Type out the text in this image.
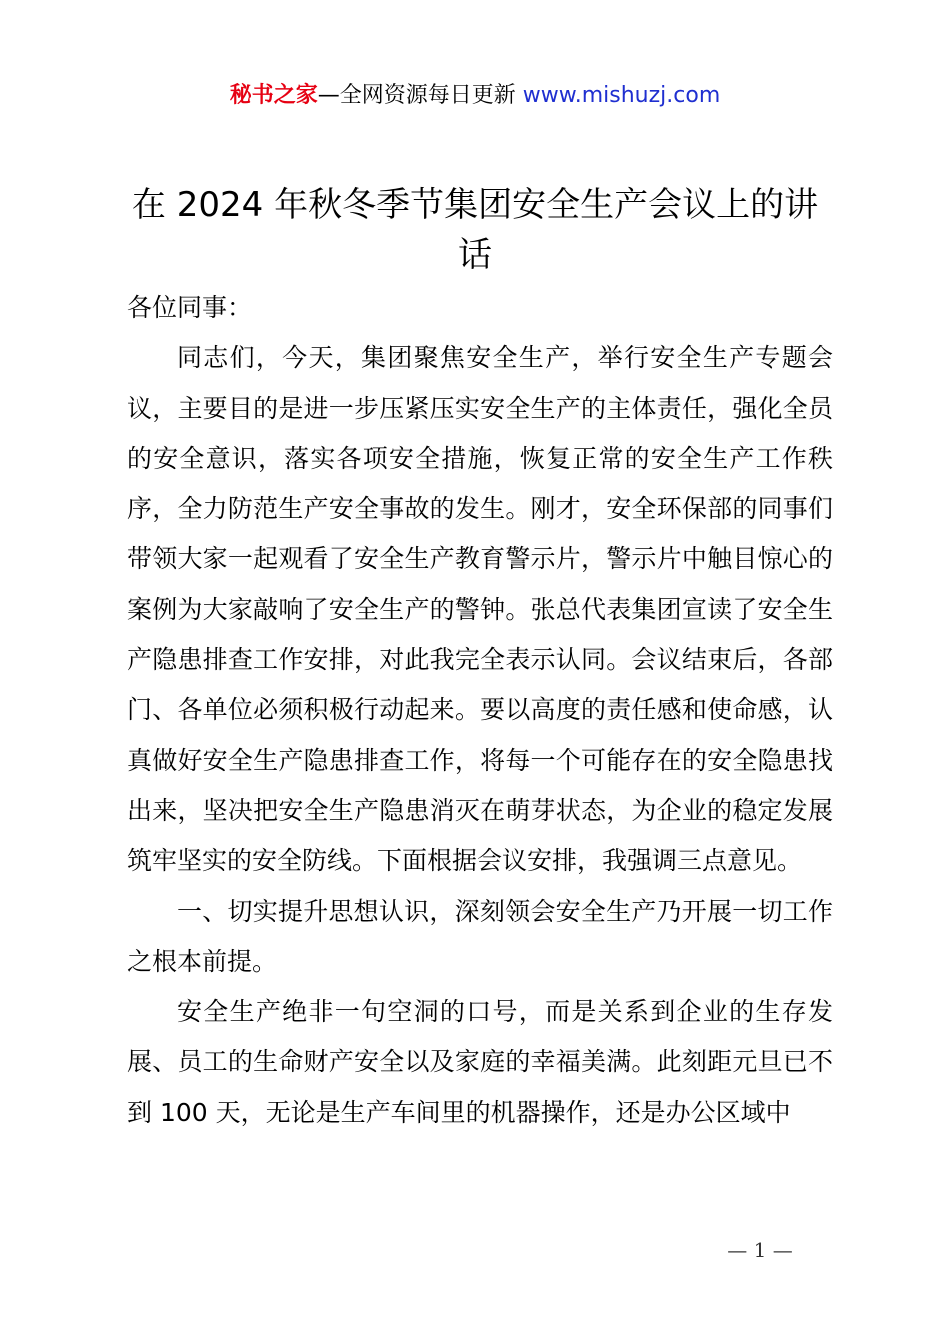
秘书之家—全网资源每日更新 www.mishuzj.com
在 2024 年秋冬季节集团安全生产会议上的讲话

各位同事：

同志们，今天，集团聚焦安全生产，举行安全生产专题会议，主要目的是进一步压紧压实安全生产的主体责任，强化全员的安全意识，落实各项安全措施，恢复正常的安全生产工作秩序，全力防范生产安全事故的发生。刚才，安全环保部的同事们带领大家一起观看了安全生产教育警示片，警示片中触目惊心的案例为大家敲响了安全生产的警钟。张总代表集团宣读了安全生产隐患排查工作安排，对此我完全表示认同。会议结束后，各部门、各单位必须积极行动起来。要以高度的责任感和使命感，认真做好安全生产隐患排查工作，将每一个可能存在的安全隐患找出来，坚决把安全生产隐患消灭在萌芽状态，为企业的稳定发展筑牢坚实的安全防线。下面根据会议安排，我强调三点意见。

一、切实提升思想认识，深刻领会安全生产乃开展一切工作之根本前提。

安全生产绝非一句空洞的口号，而是关系到企业的生存发展、员工的生命财产安全以及家庭的幸福美满。此刻距元旦已不到 100 天，无论是生产车间里的机器操作，还是办公区域中

— 1 —
